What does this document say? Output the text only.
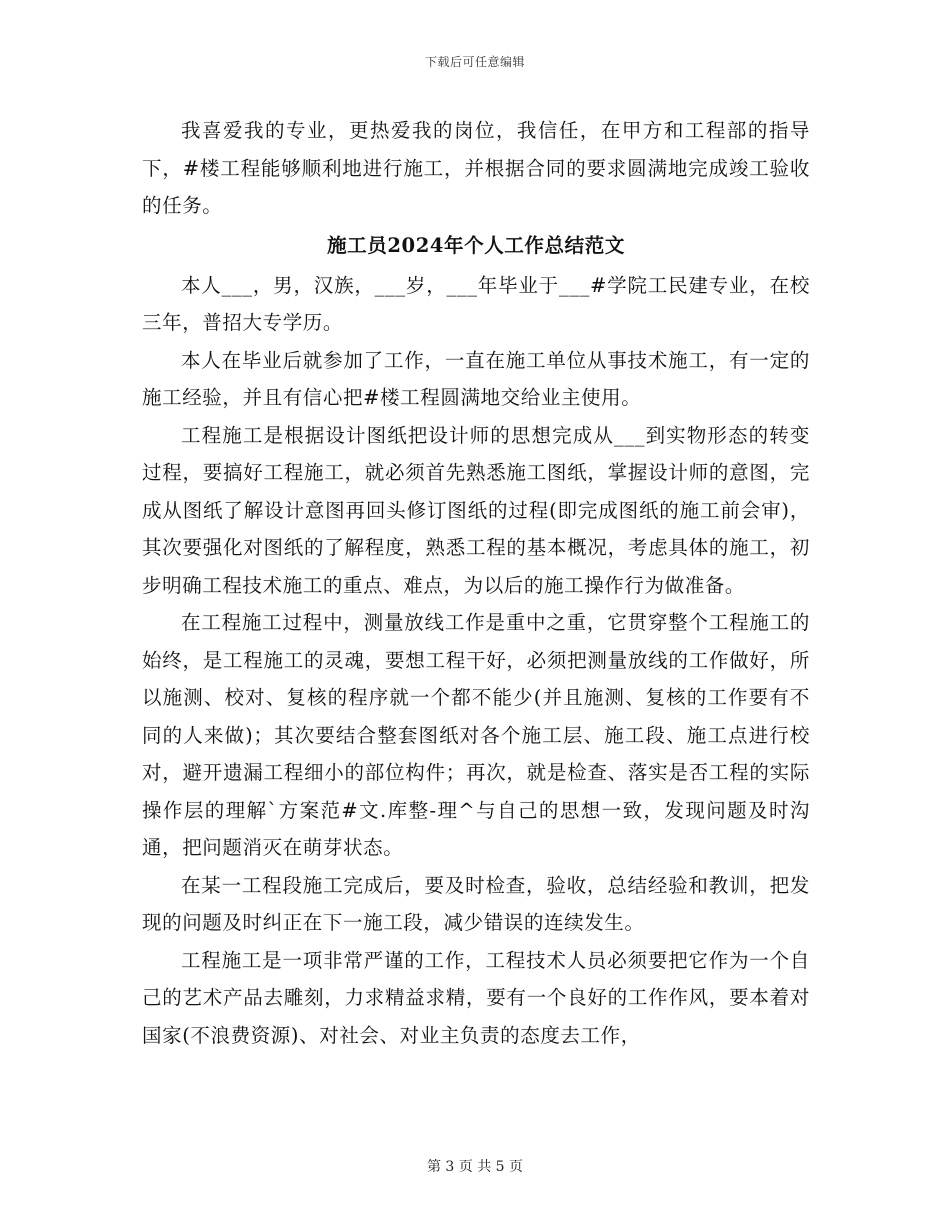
下载后可任意编辑

我喜爱我的专业，更热爱我的岗位，我信任，在甲方和工程部的指导下，#楼工程能够顺利地进行施工，并根据合同的要求圆满地完成竣工验收的任务。

施工员2024年个人工作总结范文

本人___，男，汉族，___岁，___年毕业于___#学院工民建专业，在校三年，普招大专学历。

本人在毕业后就参加了工作，一直在施工单位从事技术施工，有一定的施工经验，并且有信心把#楼工程圆满地交给业主使用。

工程施工是根据设计图纸把设计师的思想完成从___到实物形态的转变过程，要搞好工程施工，就必须首先熟悉施工图纸，掌握设计师的意图，完成从图纸了解设计意图再回头修订图纸的过程(即完成图纸的施工前会审)，其次要强化对图纸的了解程度，熟悉工程的基本概况，考虑具体的施工，初步明确工程技术施工的重点、难点，为以后的施工操作行为做准备。

在工程施工过程中，测量放线工作是重中之重，它贯穿整个工程施工的始终，是工程施工的灵魂，要想工程干好，必须把测量放线的工作做好，所以施测、校对、复核的程序就一个都不能少(并且施测、复核的工作要有不同的人来做)；其次要结合整套图纸对各个施工层、施工段、施工点进行校对，避开遗漏工程细小的部位构件；再次，就是检查、落实是否工程的实际操作层的理解`方案范#文.库整-理^与自己的思想一致，发现问题及时沟通，把问题消灭在萌芽状态。

在某一工程段施工完成后，要及时检查，验收，总结经验和教训，把发现的问题及时纠正在下一施工段，减少错误的连续发生。

工程施工是一项非常严谨的工作，工程技术人员必须要把它作为一个自己的艺术产品去雕刻，力求精益求精，要有一个良好的工作作风，要本着对国家(不浪费资源)、对社会、对业主负责的态度去工作，

第 3 页 共 5 页
